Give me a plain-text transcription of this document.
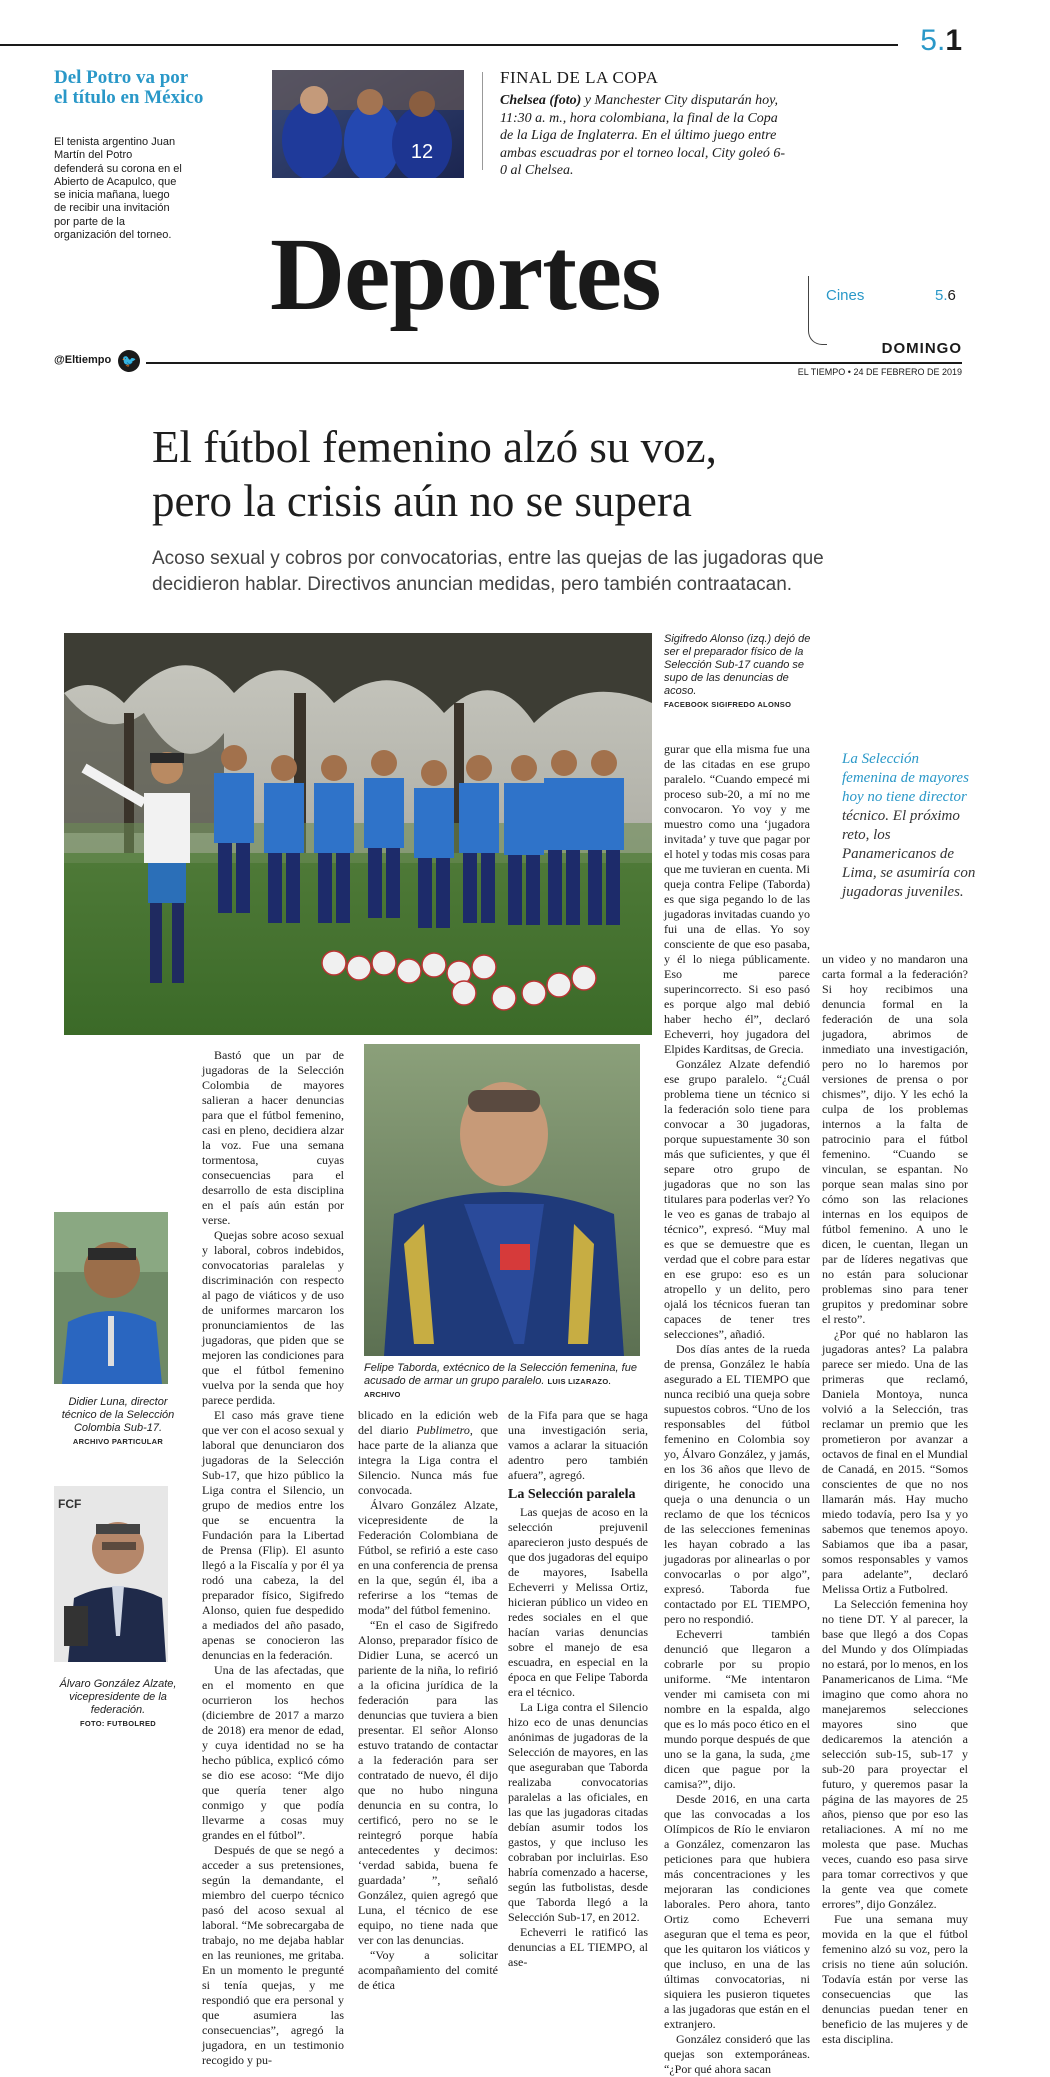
5.1
Del Potro va por el título en México
El tenista argentino Juan Martín del Potro defenderá su corona en el Abierto de Acapulco, que se inicia mañana, luego de recibir una invitación por parte de la organización del torneo.
12
FINAL DE LA COPA
Chelsea (foto) y Manchester City disputarán hoy, 11:30 a. m., hora colombiana, la final de la Copa de la Liga de Inglaterra. En el último juego entre ambas escuadras por el torneo local, City goleó 6-0 al Chelsea.
Deportes	Cines	5.6
DOMINGO
@Eltiempo 🐦
EL TIEMPO • 24 DE FEBRERO DE 2019
El fútbol femenino alzó su voz,
pero la crisis aún no se supera
Acoso sexual y cobros por convocatorias, entre las quejas de las jugadoras que
decidieron hablar. Directivos anuncian medidas, pero también contraatacan.
Sigifredo Alonso (izq.) dejó de ser el preparador físico de la Selección Sub-17 cuando se supo de las denuncias de acoso.
FACEBOOK SIGIFREDO ALONSO
La Selección femenina de mayores hoy no tiene director técnico. El próximo reto, los Panamericanos de Lima, se asumiría con jugadoras juveniles.
Didier Luna, director técnico de la Selección Colombia Sub-17.
ARCHIVO PARTICULAR
FCF
Álvaro González Alzate, vicepresidente de la federación.
FOTO: FUTBOLRED
Felipe Taborda, extécnico de la Selección femenina, fue acusado de armar un grupo paralelo. LUIS LIZARAZO. ARCHIVO

Bastó que un par de jugadoras de la Selección Colombia de mayores salieran a hacer denuncias para que el fútbol femenino, casi en pleno, decidiera alzar la voz. Fue una semana tormentosa, cuyas consecuencias para el desarrollo de esta disciplina en el país aún están por verse.

Quejas sobre acoso sexual y laboral, cobros indebidos, convocatorias paralelas y discriminación con respecto al pago de viáticos y de uso de uniformes marcaron los pronunciamientos de las jugadoras, que piden que se mejoren las condiciones para que el fútbol femenino vuelva por la senda que hoy parece perdida.

El caso más grave tiene que ver con el acoso sexual y laboral que denunciaron dos jugadoras de la Selección Sub-17, que hizo público la Liga contra el Silencio, un grupo de medios entre los que se encuentra la Fundación para la Libertad de Prensa (Flip). El asunto llegó a la Fiscalía y por él ya rodó una cabeza, la del preparador físico, Sigifredo Alonso, quien fue despedido a mediados del año pasado, apenas se conocieron las denuncias en la federación.

Una de las afectadas, que en el momento en que ocurrieron los hechos (diciembre de 2017 a marzo de 2018) era menor de edad, y cuya identidad no se ha hecho pública, explicó cómo se dio ese acoso: “Me dijo que quería tener algo conmigo y que podía llevarme a cosas muy grandes en el fútbol”.

Después de que se negó a acceder a sus pretensiones, según la demandante, el miembro del cuerpo técnico pasó del acoso sexual al laboral. “Me sobrecargaba de trabajo, no me dejaba hablar en las reuniones, me gritaba. En un momento le pregunté si tenía quejas, y me respondió que era personal y que asumiera las consecuencias”, agregó la jugadora, en un testimonio recogido y pu-

blicado en la edición web del diario Publimetro, que hace parte de la alianza que integra la Liga contra el Silencio. Nunca más fue convocada.

Álvaro González Alzate, vicepresidente de la Federación Colombiana de Fútbol, se refirió a este caso en una conferencia de prensa en la que, según él, iba a referirse a los “temas de moda” del fútbol femenino.

“En el caso de Sigifredo Alonso, preparador físico de Didier Luna, se acercó un pariente de la niña, lo refirió a la oficina jurídica de la federación para las denuncias que tuviera a bien presentar. El señor Alonso estuvo tratando de contactar a la federación para ser contratado de nuevo, él dijo que no hubo ninguna denuncia en su contra, lo certificó, pero no se le reintegró porque había antecedentes y decimos: ‘verdad sabida, buena fe guardada’ ”, señaló González, quien agregó que Luna, el técnico de ese equipo, no tiene nada que ver con las denuncias.

“Voy a solicitar acompañamiento del comité de ética

de la Fifa para que se haga una investigación seria, vamos a aclarar la situación adentro pero también afuera”, agregó.

La Selección paralela

Las quejas de acoso en la selección prejuvenil aparecieron justo después de que dos jugadoras del equipo de mayores, Isabella Echeverri y Melissa Ortiz, hicieran público un video en redes sociales en el que hacían varias denuncias sobre el manejo de esa escuadra, en especial en la época en que Felipe Taborda era el técnico.

La Liga contra el Silencio hizo eco de unas denuncias anónimas de jugadoras de la Selección de mayores, en las que aseguraban que Taborda realizaba convocatorias paralelas a las oficiales, en las que las jugadoras citadas debían asumir todos los gastos, y que incluso les cobraban por incluirlas. Eso habría comenzado a hacerse, según las futbolistas, desde que Taborda llegó a la Selección Sub-17, en 2012.

Echeverri le ratificó las denuncias a EL TIEMPO, al ase-

gurar que ella misma fue una de las citadas en ese grupo paralelo. “Cuando empecé mi proceso sub-20, a mí no me convocaron. Yo voy y me muestro como una ‘jugadora invitada’ y tuve que pagar por el hotel y todas mis cosas para que me tuvieran en cuenta. Mi queja contra Felipe (Taborda) es que siga pegando lo de las jugadoras invitadas cuando yo fui una de ellas. Yo soy consciente de que eso pasaba, y él lo niega públicamente. Eso me parece superincorrecto. Si eso pasó es porque algo mal debió haber hecho él”, declaró Echeverri, hoy jugadora del Elpides Karditsas, de Grecia.

González Alzate defendió ese grupo paralelo. “¿Cuál problema tiene un técnico si la federación solo tiene para convocar a 30 jugadoras, porque supuestamente 30 son más que suficientes, y que él separe otro grupo de jugadoras que no son las titulares para poderlas ver? Yo le veo es ganas de trabajo al técnico”, expresó. “Muy mal es que se demuestre que es verdad que el cobre para estar en ese grupo: eso es un atropello y un delito, pero ojalá los técnicos fueran tan capaces de tener tres selecciones”, añadió.

Dos días antes de la rueda de prensa, González le había asegurado a EL TIEMPO que nunca recibió una queja sobre supuestos cobros. “Uno de los responsables del fútbol femenino en Colombia soy yo, Álvaro González, y jamás, en los 36 años que llevo de dirigente, he conocido una queja o una denuncia o un reclamo de que los técnicos de las selecciones femeninas les hayan cobrado a las jugadoras por alinearlas o por convocarlas o por algo”, expresó. Taborda fue contactado por EL TIEMPO, pero no respondió.

Echeverri también denunció que llegaron a cobrarle por su propio uniforme. “Me intentaron vender mi camiseta con mi nombre en la espalda, algo que es lo más poco ético en el mundo porque después de que uno se la gana, la suda, ¿me dicen que pague por la camisa?”, dijo.

Desde 2016, en una carta que las convocadas a los Olímpicos de Río le enviaron a González, comenzaron las peticiones para que hubiera más concentraciones y les mejoraran las condiciones laborales. Pero ahora, tanto Ortiz como Echeverri aseguran que el tema es peor, que les quitaron los viáticos y que incluso, en una de las últimas convocatorias, ni siquiera les pusieron tiquetes a las jugadoras que están en el extranjero.

González consideró que las quejas son extemporáneas. “¿Por qué ahora sacan

un video y no mandaron una carta formal a la federación? Si hoy recibimos una denuncia formal en la federación de una sola jugadora, abrimos de inmediato una investigación, pero no lo haremos por versiones de prensa o por chismes”, dijo. Y les echó la culpa de los problemas internos a la falta de patrocinio para el fútbol femenino. “Cuando se vinculan, se espantan. No porque sean malas sino por cómo son las relaciones internas en los equipos de fútbol femenino. A uno le dicen, le cuentan, llegan un par de líderes negativas que no están para solucionar problemas sino para tener grupitos y predominar sobre el resto”.

¿Por qué no hablaron las jugadoras antes? La palabra parece ser miedo. Una de las primeras que reclamó, Daniela Montoya, nunca volvió a la Selección, tras reclamar un premio que les prometieron por avanzar a octavos de final en el Mundial de Canadá, en 2015. “Somos conscientes de que no nos llamarán más. Hay mucho miedo todavía, pero Isa y yo sabemos que tenemos apoyo. Sabiamos que iba a pasar, somos responsables y vamos para adelante”, declaró Melissa Ortiz a Futbolred.

La Selección femenina hoy no tiene DT. Y al parecer, la base que llegó a dos Copas del Mundo y dos Olímpiadas no estará, por lo menos, en los Panamericanos de Lima. “Me imagino que como ahora no manejaremos selecciones mayores sino que dedicaremos la atención a selección sub-15, sub-17 y sub-20 para proyectar el futuro, y queremos pasar la página de las mayores de 25 años, pienso que por eso las retaliaciones. A mí no me molesta que pase. Muchas veces, cuando eso pasa sirve para tomar correctivos y que la gente vea que comete errores”, dijo González.

Fue una semana muy movida en la que el fútbol femenino alzó su voz, pero la crisis no tiene aún solución. Todavía están por verse las consecuencias que las denuncias puedan tener en beneficio de las mujeres y de esta disciplina.
